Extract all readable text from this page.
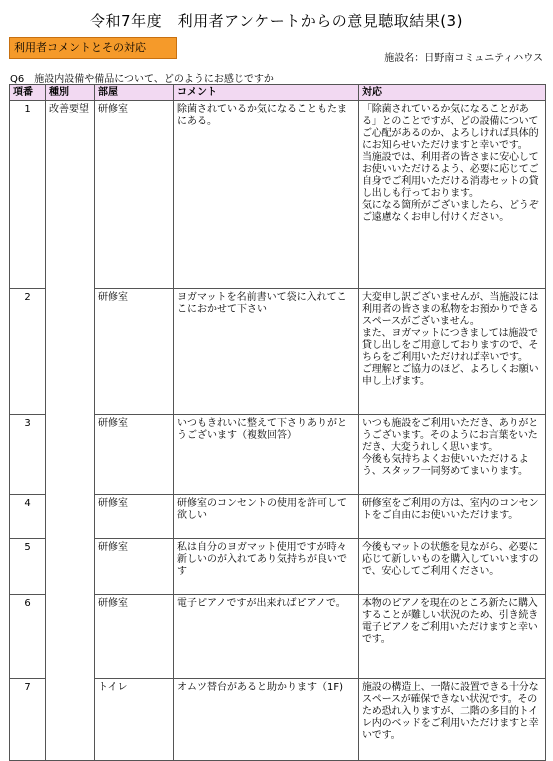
令和7年度　利用者アンケートからの意見聴取結果(3)
利用者コメントとその対応
施設名：日野南コミュニティハウス
Q6　施設内設備や備品について、どのようにお感じですか
項番	種別	部屋	コメント	対応
1	改善要望	研修室	除菌されているか気になることもたまにある。	「除菌されているか気になることがある」とのことですが、どの設備についてご心配があるのか、よろしければ具体的にお知らせいただけますと幸いです。
当施設では、利用者の皆さまに安心してお使いいただけるよう、必要に応じてご自身でご利用いただける消毒セットの貸し出しも行っております。
気になる箇所がございましたら、どうぞご遠慮なくお申し付けください。
2		研修室	ヨガマットを名前書いて袋に入れてここにおかせて下さい	大変申し訳ございませんが、当施設には利用者の皆さまの私物をお預かりできるスペースがございません。
また、ヨガマットにつきましては施設で貸し出しをご用意しておりますので、そちらをご利用いただければ幸いです。
ご理解とご協力のほど、よろしくお願い申し上げます。
3		研修室	いつもきれいに整えて下さりありがとうございます（複数回答）	いつも施設をご利用いただき、ありがとうございます。そのようにお言葉をいただき、大変うれしく思います。
今後も気持ちよくお使いいただけるよう、スタッフ一同努めてまいります。
4		研修室	研修室のコンセントの使用を許可して欲しい	研修室をご利用の方は、室内のコンセントをご自由にお使いいただけます。
5		研修室	私は自分のヨガマット使用ですが時々新しいのが入れてあり気持ちが良いです	今後もマットの状態を見ながら、必要に応じて新しいものを購入していいますので、安心してご利用ください。
6		研修室	電子ピアノですが出来ればピアノで。	本物のピアノを現在のところ新たに購入することが難しい状況のため、引き続き電子ピアノをご利用いただけますと幸いです。
7		トイレ	オムツ替台があると助かります（1F)	施設の構造上、一階に設置できる十分なスペースが確保できない状況です。そのため恐れ入りますが、二階の多目的トイレ内のベッドをご利用いただけますと幸いです。
